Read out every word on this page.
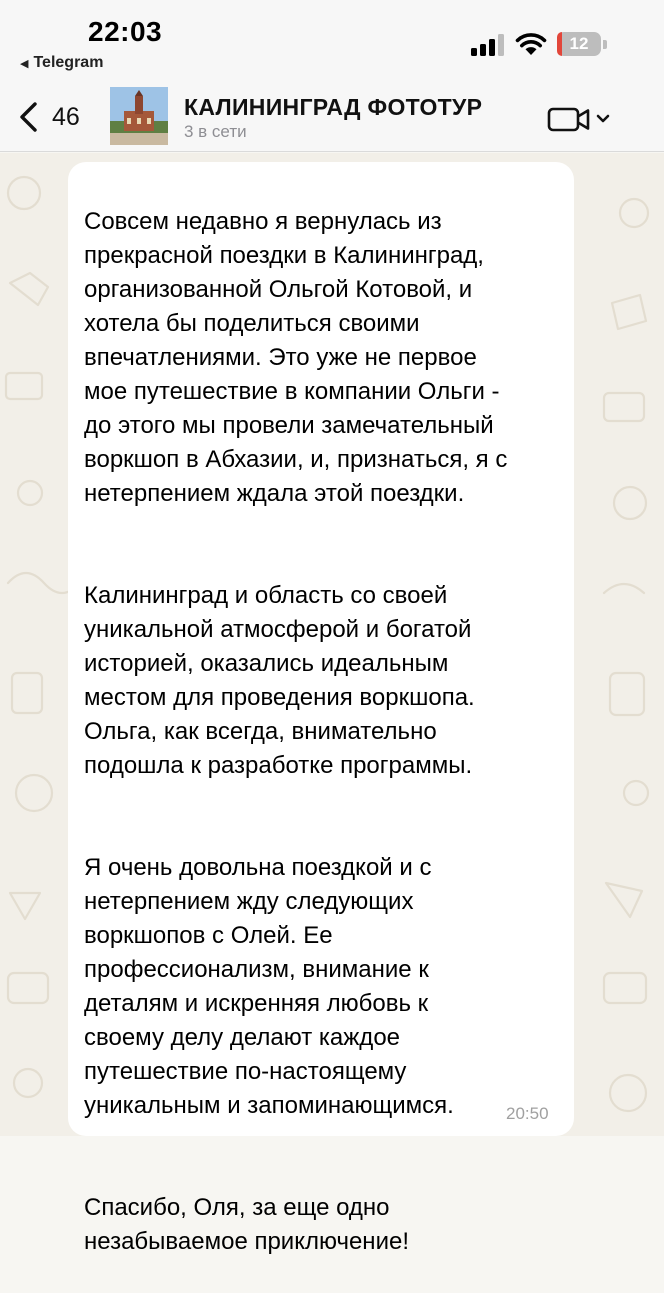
22:03
◀ Telegram
12
46	КАЛИНИНГРАД ФОТОТУР
3 в сети

Совсем недавно я вернулась из
прекрасной поездки в Калининград,
организованной Ольгой Котовой, и
хотела бы поделиться своими
впечатлениями. Это уже не первое
мое путешествие в компании Ольги -
до этого мы провели замечательный
воркшоп в Абхазии, и, признаться, я с
нетерпением ждала этой поездки.

Калининград и область со своей
уникальной атмосферой и богатой
историей, оказались идеальным
местом для проведения воркшопа.
Ольга, как всегда, внимательно
подошла к разработке программы.

Я очень довольна поездкой и с
нетерпением жду следующих
воркшопов с Олей. Ее
профессионализм, внимание к
деталям и искренняя любовь к
своему делу делают каждое
путешествие по-настоящему
уникальным и запоминающимся.

Спасибо, Оля, за еще одно
незабываемое приключение!

20:50
